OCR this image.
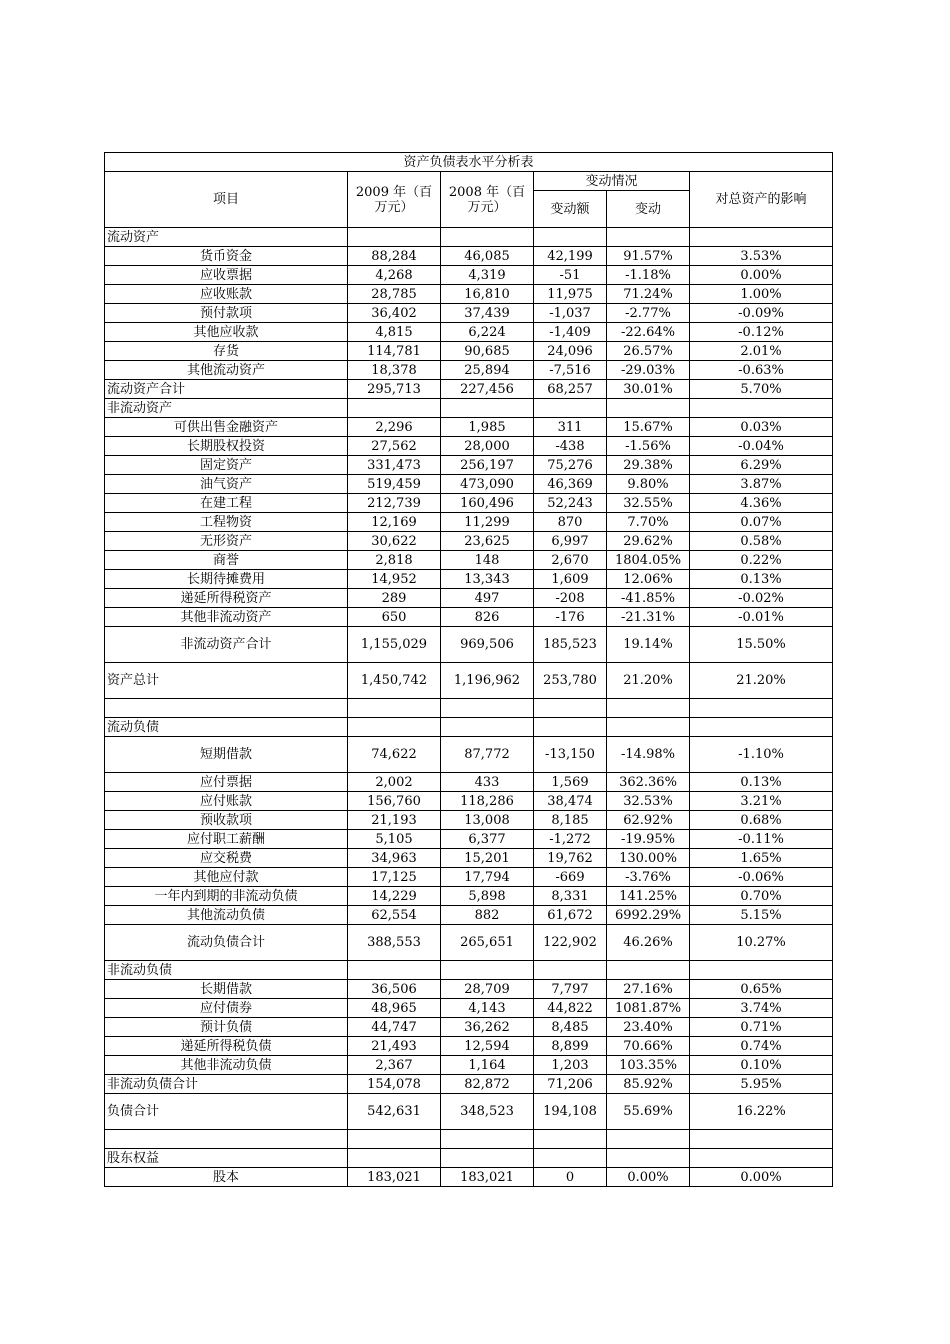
资产负债表水平分析表					
项目	2009 年（百万元）	2008 年（百万元）	变动情况		对总资产的影响
			变动额	变动	
流动资产					
货币资金	88,284	46,085	42,199	91.57%	3.53%
应收票据	4,268	4,319	-51	-1.18%	0.00%
应收账款	28,785	16,810	11,975	71.24%	1.00%
预付款项	36,402	37,439	-1,037	-2.77%	-0.09%
其他应收款	4,815	6,224	-1,409	-22.64%	-0.12%
存货	114,781	90,685	24,096	26.57%	2.01%
其他流动资产	18,378	25,894	-7,516	-29.03%	-0.63%
流动资产合计	295,713	227,456	68,257	30.01%	5.70%
非流动资产					
可供出售金融资产	2,296	1,985	311	15.67%	0.03%
长期股权投资	27,562	28,000	-438	-1.56%	-0.04%
固定资产	331,473	256,197	75,276	29.38%	6.29%
油气资产	519,459	473,090	46,369	9.80%	3.87%
在建工程	212,739	160,496	52,243	32.55%	4.36%
工程物资	12,169	11,299	870	7.70%	0.07%
无形资产	30,622	23,625	6,997	29.62%	0.58%
商誉	2,818	148	2,670	1804.05%	0.22%
长期待摊费用	14,952	13,343	1,609	12.06%	0.13%
递延所得税资产	289	497	-208	-41.85%	-0.02%
其他非流动资产	650	826	-176	-21.31%	-0.01%
非流动资产合计	1,155,029	969,506	185,523	19.14%	15.50%
资产总计	1,450,742	1,196,962	253,780	21.20%	21.20%

流动负债					
短期借款	74,622	87,772	-13,150	-14.98%	-1.10%
应付票据	2,002	433	1,569	362.36%	0.13%
应付账款	156,760	118,286	38,474	32.53%	3.21%
预收款项	21,193	13,008	8,185	62.92%	0.68%
应付职工薪酬	5,105	6,377	-1,272	-19.95%	-0.11%
应交税费	34,963	15,201	19,762	130.00%	1.65%
其他应付款	17,125	17,794	-669	-3.76%	-0.06%
一年内到期的非流动负债	14,229	5,898	8,331	141.25%	0.70%
其他流动负债	62,554	882	61,672	6992.29%	5.15%
流动负债合计	388,553	265,651	122,902	46.26%	10.27%
非流动负债					
长期借款	36,506	28,709	7,797	27.16%	0.65%
应付债券	48,965	4,143	44,822	1081.87%	3.74%
预计负债	44,747	36,262	8,485	23.40%	0.71%
递延所得税负债	21,493	12,594	8,899	70.66%	0.74%
其他非流动负债	2,367	1,164	1,203	103.35%	0.10%
非流动负债合计	154,078	82,872	71,206	85.92%	5.95%
负债合计	542,631	348,523	194,108	55.69%	16.22%

股东权益					
股本	183,021	183,021	0	0.00%	0.00%
